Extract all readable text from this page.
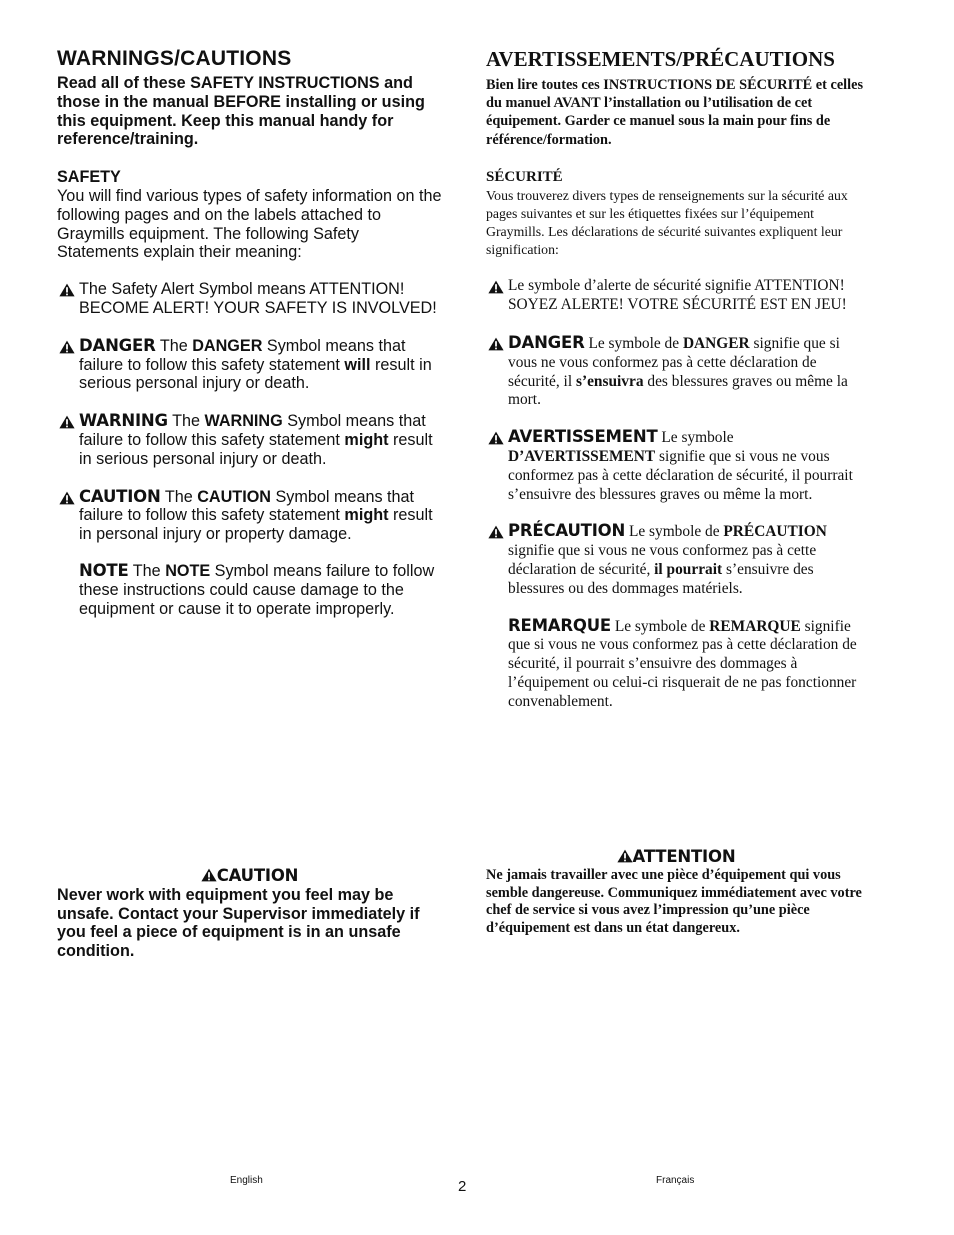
WARNINGS/CAUTIONS

Read all of these SAFETY INSTRUCTIONS and those in the manual BEFORE installing or using this equipment. Keep this manual handy for reference/training.

SAFETY

You will find various types of safety information on the following pages and on the labels attached to Graymills equipment. The following Safety Statements explain their meaning:

The Safety Alert Symbol means ATTENTION! BECOME ALERT! YOUR SAFETY IS INVOLVED!
DANGER The DANGER Symbol means that failure to follow this safety statement will result in serious personal injury or death.
WARNING The WARNING Symbol means that failure to follow this safety statement might result in serious personal injury or death.
CAUTION The CAUTION Symbol means that failure to follow this safety statement might result in personal injury or property damage.
NOTE The NOTE Symbol means failure to follow these instructions could cause damage to the equipment or cause it to operate improperly.
AVERTISSEMENTS/PRÉCAUTIONS

Bien lire toutes ces INSTRUCTIONS DE SÉCURITÉ et celles du manuel AVANT l’installation ou l’utilisation de cet équipement. Garder ce manuel sous la main pour fins de référence/formation.

SÉCURITÉ

Vous trouverez divers types de renseignements sur la sécurité aux pages suivantes et sur les étiquettes fixées sur l’équipement Graymills. Les déclarations de sécurité suivantes expliquent leur signification:

Le symbole d’alerte de sécurité signifie ATTENTION! SOYEZ ALERTE! VOTRE SÉCURITÉ EST EN JEU!
DANGER Le symbole de DANGER signifie que si vous ne vous conformez pas à cette déclaration de sécurité, il s’ensuivra des blessures graves ou même la mort.
AVERTISSEMENT Le symbole D’AVERTISSEMENT signifie que si vous ne vous conformez pas à cette déclaration de sécurité, il pourrait s’ensuivre des blessures graves ou même la mort.
PRÉCAUTION Le symbole de PRÉCAUTION signifie que si vous ne vous conformez pas à cette déclaration de sécurité, il pourrait s’ensuivre des blessures ou des dommages matériels.
REMARQUE Le symbole de REMARQUE signifie que si vous ne vous conformez pas à cette déclaration de sécurité, il pourrait s’ensuivre des dommages à l’équipement ou celui-ci risquerait de ne pas fonctionner convenablement.
CAUTION

Never work with equipment you feel may be unsafe. Contact your Supervisor immediately if you feel a piece of equipment is in an unsafe condition.

ATTENTION

Ne jamais travailler avec une pièce d’équipement qui vous semble dangereuse. Communiquez immédiatement avec votre chef de service si vous avez l’impression qu’une pièce d’équipement est dans un état dangereux.

English	2	Français
